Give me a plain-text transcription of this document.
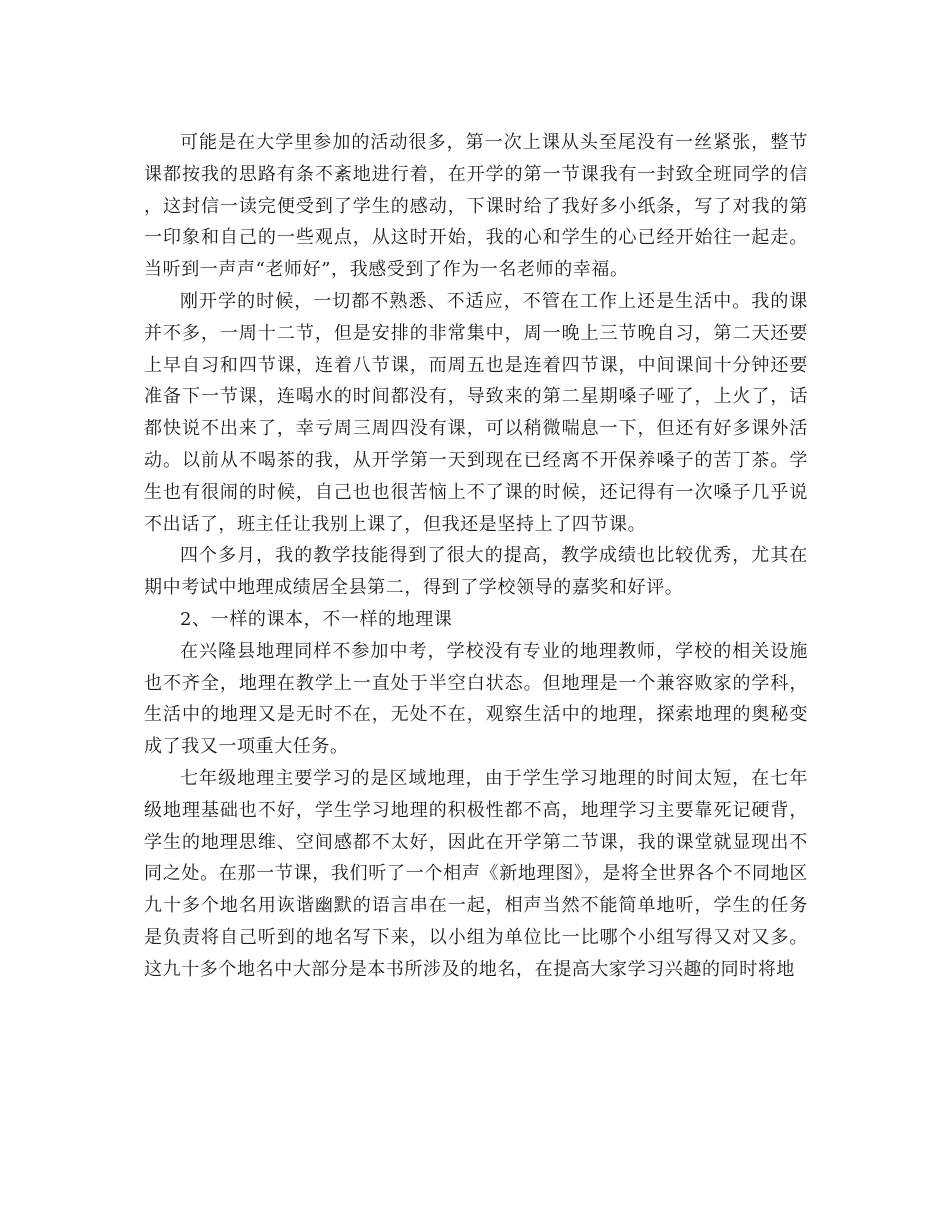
可能是在大学里参加的活动很多，第一次上课从头至尾没有一丝紧张，整节课都按我的思路有条不紊地进行着，在开学的第一节课我有一封致全班同学的信，这封信一读完便受到了学生的感动，下课时给了我好多小纸条，写了对我的第一印象和自己的一些观点，从这时开始，我的心和学生的心已经开始往一起走。当听到一声声“老师好”，我感受到了作为一名老师的幸福。

刚开学的时候，一切都不熟悉、不适应，不管在工作上还是生活中。我的课并不多，一周十二节，但是安排的非常集中，周一晚上三节晚自习，第二天还要上早自习和四节课，连着八节课，而周五也是连着四节课，中间课间十分钟还要准备下一节课，连喝水的时间都没有，导致来的第二星期嗓子哑了，上火了，话都快说不出来了，幸亏周三周四没有课，可以稍微喘息一下，但还有好多课外活动。以前从不喝茶的我，从开学第一天到现在已经离不开保养嗓子的苦丁茶。学生也有很闹的时候，自己也也很苦恼上不了课的时候，还记得有一次嗓子几乎说不出话了，班主任让我别上课了，但我还是坚持上了四节课。

四个多月，我的教学技能得到了很大的提高，教学成绩也比较优秀，尤其在期中考试中地理成绩居全县第二，得到了学校领导的嘉奖和好评。

2、一样的课本，不一样的地理课

在兴隆县地理同样不参加中考，学校没有专业的地理教师，学校的相关设施也不齐全，地理在教学上一直处于半空白状态。但地理是一个兼容败家的学科，生活中的地理又是无时不在，无处不在，观察生活中的地理，探索地理的奥秘变成了我又一项重大任务。

七年级地理主要学习的是区域地理，由于学生学习地理的时间太短，在七年级地理基础也不好，学生学习地理的积极性都不高，地理学习主要靠死记硬背，学生的地理思维、空间感都不太好，因此在开学第二节课，我的课堂就显现出不同之处。在那一节课，我们听了一个相声《新地理图》，是将全世界各个不同地区九十多个地名用诙谐幽默的语言串在一起，相声当然不能简单地听，学生的任务是负责将自己听到的地名写下来，以小组为单位比一比哪个小组写得又对又多。这九十多个地名中大部分是本书所涉及的地名，在提高大家学习兴趣的同时将地
